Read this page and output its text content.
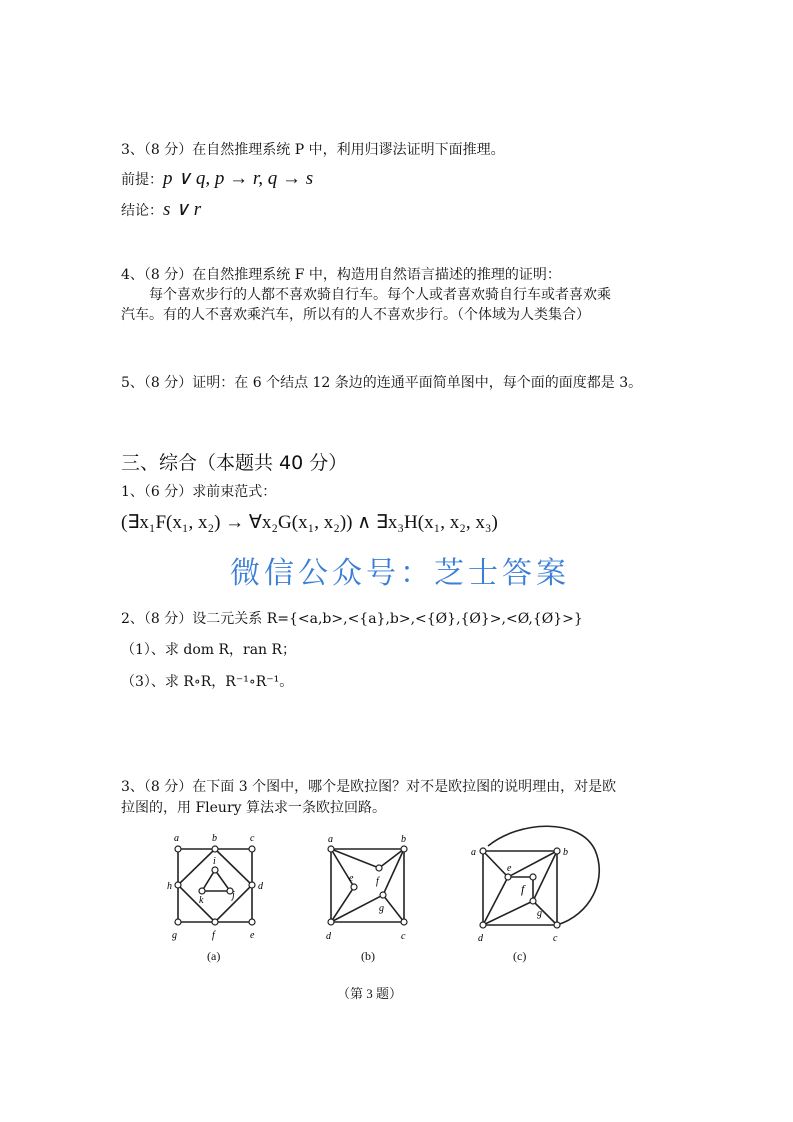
3、（8 分）在自然推理系统 P 中，利用归谬法证明下面推理。
前提：p ∨ q, p → r, q → s
结论：s ∨ r
4、（8 分）在自然推理系统 F 中，构造用自然语言描述的推理的证明：
每个喜欢步行的人都不喜欢骑自行车。每个人或者喜欢骑自行车或者喜欢乘
汽车。有的人不喜欢乘汽车，所以有的人不喜欢步行。（个体域为人类集合）
5、（8 分）证明：在 6 个结点 12 条边的连通平面简单图中，每个面的面度都是 3。
三、综合（本题共 40 分）
1、（6 分）求前束范式：
(∃x₁F(x₁, x₂) → ∀x₂G(x₁, x₂)) ∧ ∃x₃H(x₁, x₂, x₃)
微信公众号：芝士答案
2、（8 分）设二元关系 R={<a,b>,<{a},b>,<{Ø},{Ø}>,<Ø,{Ø}>}
（1）、求 dom R，ran R；
（3）、求 R∘R，R⁻¹∘R⁻¹。
3、（8 分）在下面 3 个图中，哪个是欧拉图？对不是欧拉图的说明理由，对是欧
拉图的，用 Fleury 算法求一条欧拉回路。
a	b	c
h	d
g	f	e
i
k	j
a	b
d	c
e f
g
a	b
d	c
e
f
g
(a)	(b)	(c)
（第 3 题）
